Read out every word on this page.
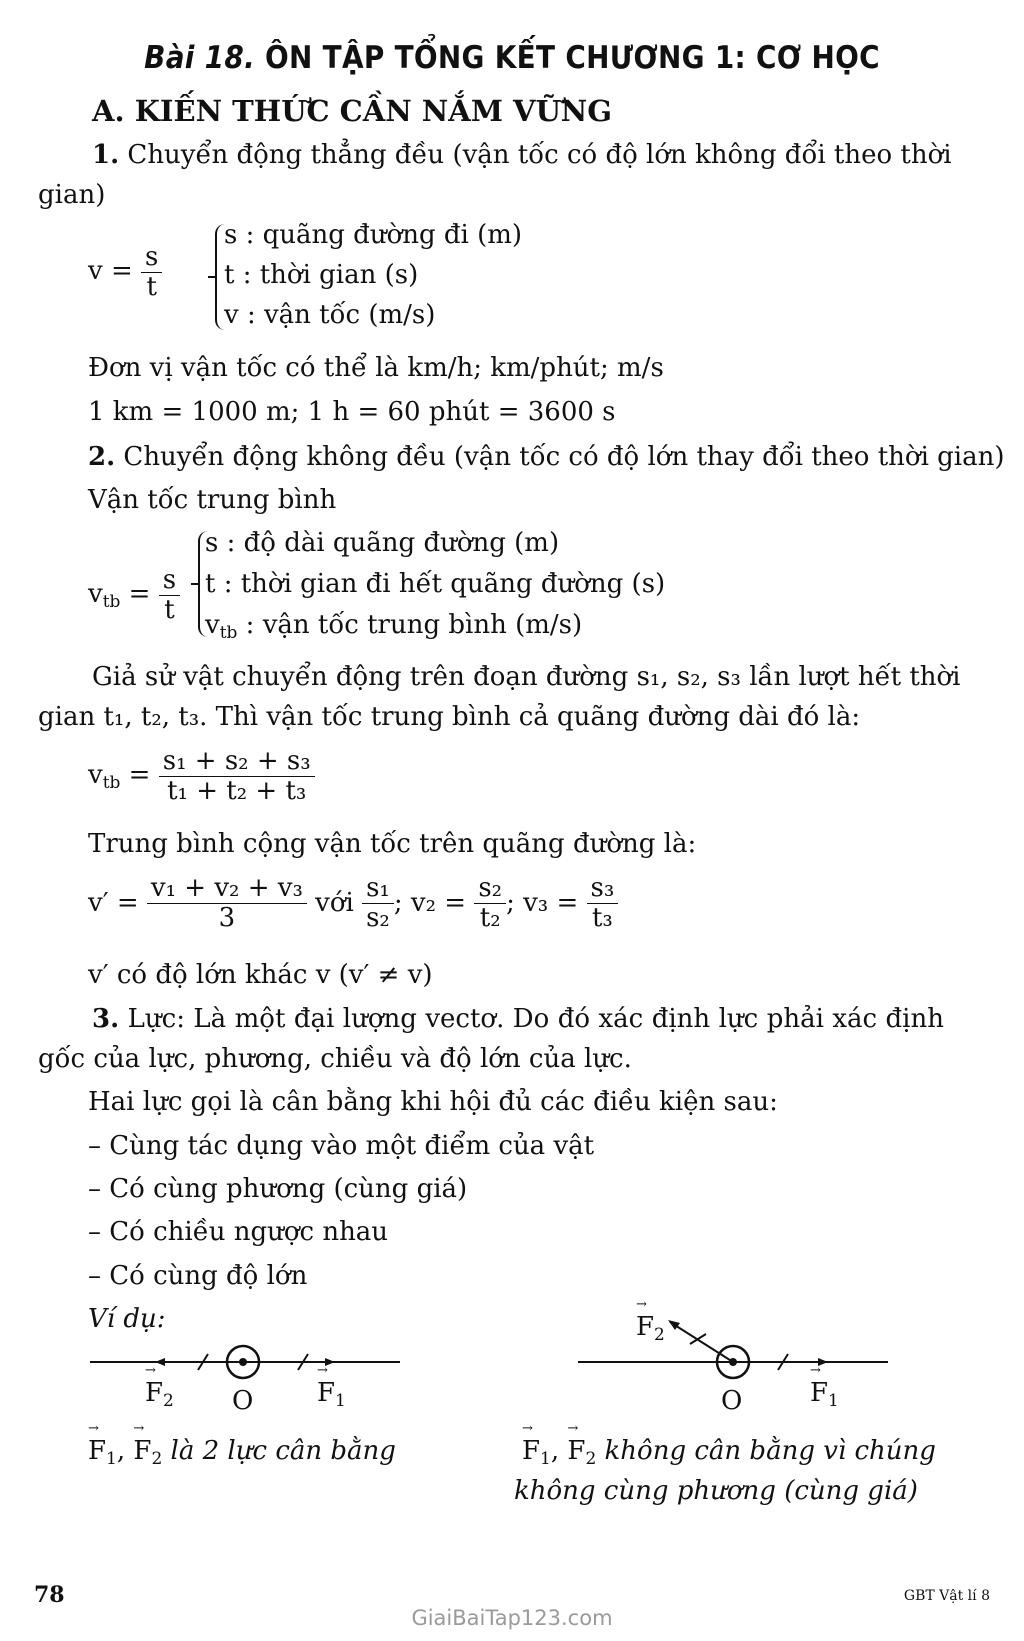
Bài 18. ÔN TẬP TỔNG KẾT CHƯƠNG 1: CƠ HỌC
A. KIẾN THỨC CẦN NẮM VỮNG
1. Chuyển động thẳng đều (vận tốc có độ lớn không đổi theo thời
gian)
$v = \frac{s}{t}$
s : quãng đường đi (m)
t : thời gian (s)
v : vận tốc (m/s)
Đơn vị vận tốc có thể là km/h; km/phút; m/s
1 km = 1000 m; 1 h = 60 phút = 3600 s
2. Chuyển động không đều (vận tốc có độ lớn thay đổi theo thời gian)
Vận tốc trung bình
$v_{tb} = \frac{s}{t}$
s : độ dài quãng đường (m)
t : thời gian đi hết quãng đường (s)
$v_{tb}$ : vận tốc trung bình (m/s)
Giả sử vật chuyển động trên đoạn đường s₁, s₂, s₃ lần lượt hết thời
gian t₁, t₂, t₃. Thì vận tốc trung bình cả quãng đường dài đó là:
$v_{tb} = \frac{\text{s₁ + s₂ + s₃}}{\text{t₁ + t₂ + t₃}}$
Trung bình cộng vận tốc trên quãng đường là:
$v' = \frac{\text{v₁ + v₂ + v₃}}{3}$ với $\frac{\text{s₁}}{\text{s₂}}$ ; $v_2 = \frac{\text{s₂}}{\text{t₂}}$ ; $v_3 = \frac{\text{s₃}}{\text{t₃}}$
v′ có độ lớn khác v (v′ ≠ v)
3. Lực: Là một đại lượng vectơ. Do đó xác định lực phải xác định
gốc của lực, phương, chiều và độ lớn của lực.
Hai lực gọi là cân bằng khi hội đủ các điều kiện sau:
– Cùng tác dụng vào một điểm của vật
– Có cùng phương (cùng giá)
– Có chiều ngược nhau
– Có cùng độ lớn
Ví dụ:
→ $F_2$ O
→ $F_1$
→ $F_2$
O
→	$F_1$
→ $F_1$, → $F_2$ là 2 lực cân bằng
→	$F_1$, → $F_2$ không cân bằng vì chúng
không cùng phương (cùng giá)
78	GBT Vật lí 8
GiaiBaiTap123.com
